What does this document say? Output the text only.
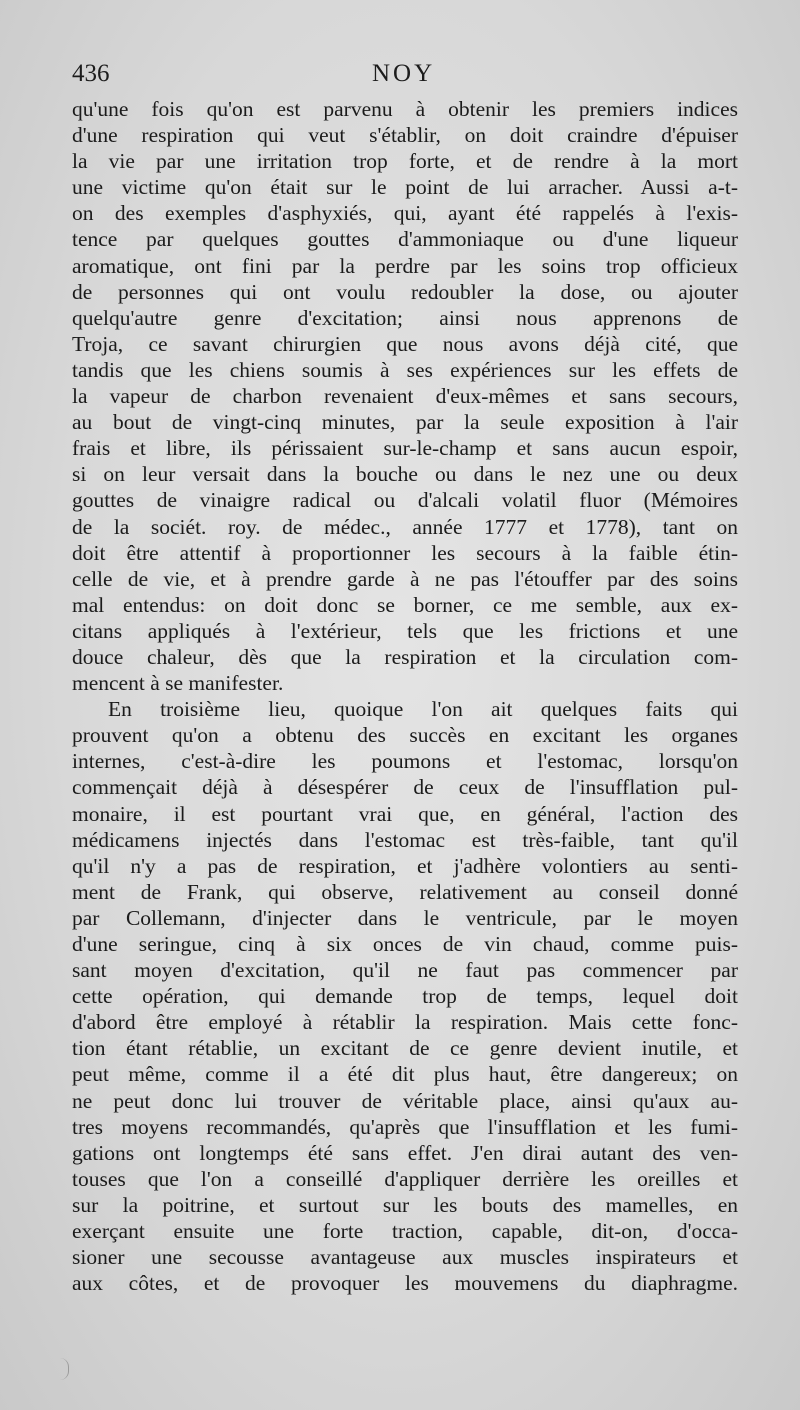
436	NOY
qu'une fois qu'on est parvenu à obtenir les premiers indices
d'une respiration qui veut s'établir, on doit craindre d'épuiser
la vie par une irritation trop forte, et de rendre à la mort
une victime qu'on était sur le point de lui arracher. Aussi a-t-
on des exemples d'asphyxiés, qui, ayant été rappelés à l'exis-
tence par quelques gouttes d'ammoniaque ou d'une liqueur
aromatique, ont fini par la perdre par les soins trop officieux
de personnes qui ont voulu redoubler la dose, ou ajouter
quelqu'autre genre d'excitation; ainsi nous apprenons de
Troja, ce savant chirurgien que nous avons déjà cité, que
tandis que les chiens soumis à ses expériences sur les effets de
la vapeur de charbon revenaient d'eux-mêmes et sans secours,
au bout de vingt-cinq minutes, par la seule exposition à l'air
frais et libre, ils périssaient sur-le-champ et sans aucun espoir,
si on leur versait dans la bouche ou dans le nez une ou deux
gouttes de vinaigre radical ou d'alcali volatil fluor (Mémoires
de la sociét. roy. de médec., année 1777 et 1778), tant on
doit être attentif à proportionner les secours à la faible étin-
celle de vie, et à prendre garde à ne pas l'étouffer par des soins
mal entendus: on doit donc se borner, ce me semble, aux ex-
citans appliqués à l'extérieur, tels que les frictions et une
douce chaleur, dès que la respiration et la circulation com-
mencent à se manifester.
En troisième lieu, quoique l'on ait quelques faits qui
prouvent qu'on a obtenu des succès en excitant les organes
internes, c'est-à-dire les poumons et l'estomac, lorsqu'on
commençait déjà à désespérer de ceux de l'insufflation pul-
monaire, il est pourtant vrai que, en général, l'action des
médicamens injectés dans l'estomac est très-faible, tant qu'il
qu'il n'y a pas de respiration, et j'adhère volontiers au senti-
ment de Frank, qui observe, relativement au conseil donné
par Collemann, d'injecter dans le ventricule, par le moyen
d'une seringue, cinq à six onces de vin chaud, comme puis-
sant moyen d'excitation, qu'il ne faut pas commencer par
cette opération, qui demande trop de temps, lequel doit
d'abord être employé à rétablir la respiration. Mais cette fonc-
tion étant rétablie, un excitant de ce genre devient inutile, et
peut même, comme il a été dit plus haut, être dangereux; on
ne peut donc lui trouver de véritable place, ainsi qu'aux au-
tres moyens recommandés, qu'après que l'insufflation et les fumi-
gations ont longtemps été sans effet. J'en dirai autant des ven-
touses que l'on a conseillé d'appliquer derrière les oreilles et
sur la poitrine, et surtout sur les bouts des mamelles, en
exerçant ensuite une forte traction, capable, dit-on, d'occa-
sioner une secousse avantageuse aux muscles inspirateurs et
aux côtes, et de provoquer les mouvemens du diaphragme.
